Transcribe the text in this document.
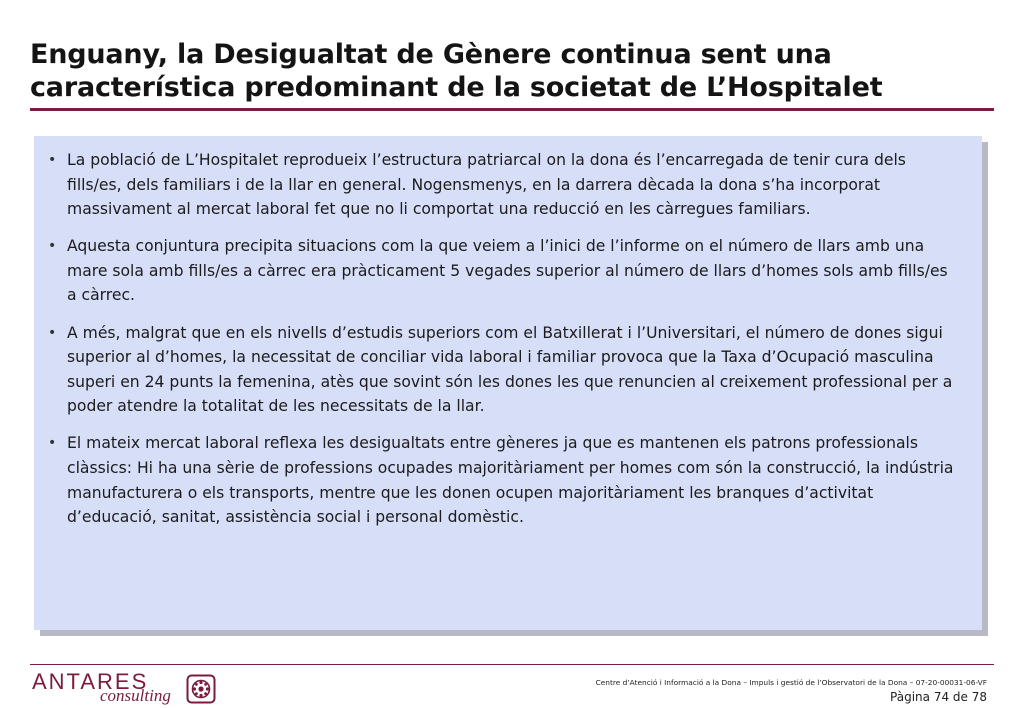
Enguany, la Desigualtat de Gènere continua sent una
característica predominant de la societat de L’Hospitalet
• La població de L’Hospitalet reprodueix l’estructura patriarcal on la dona és l’encarregada de tenir cura dels fills/es, dels familiars i de la llar en general. Nogensmenys, en la darrera dècada la dona s’ha incorporat massivament al mercat laboral fet que no li comportat una reducció en les càrregues familiars.
• Aquesta conjuntura precipita situacions com la que veiem a l’inici de l’informe on el número de llars amb una mare sola amb fills/es a càrrec era pràcticament 5 vegades superior al número de llars d’homes sols amb fills/es a càrrec.
• A més, malgrat que en els nivells d’estudis superiors com el Batxillerat i l’Universitari, el número de dones sigui superior al d’homes, la necessitat de conciliar vida laboral i familiar provoca que la Taxa d’Ocupació masculina superi en 24 punts la femenina, atès que sovint són les dones les que renuncien al creixement professional per a poder atendre la totalitat de les necessitats de la llar.
• El mateix mercat laboral reflexa les desigualtats entre gèneres ja que es mantenen els patrons professionals clàssics: Hi ha una sèrie de professions ocupades majoritàriament per homes com són la construcció, la indústria manufacturera o els transports, mentre que les donen ocupen majoritàriament les branques d’activitat d’educació, sanitat, assistència social i personal domèstic.
ANTARES
consulting
Centre d’Atenció i Informació a la Dona – Impuls i gestió de l’Observatori de la Dona – 07-20-00031-06-VF
Pàgina 74 de 78
